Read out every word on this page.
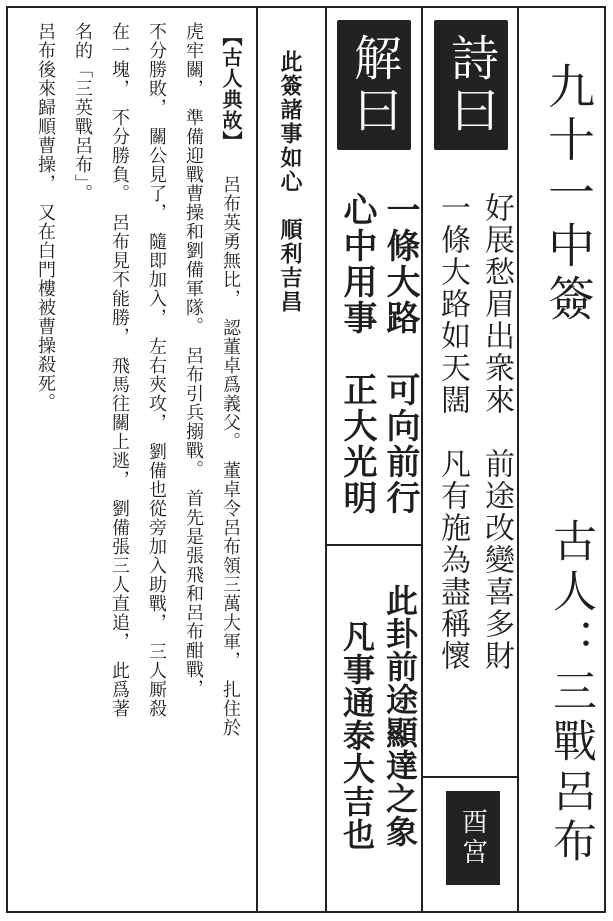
九十一中簽
古人：三戰呂布
詩曰
好展愁眉出衆來　前途改變喜多財
一條大路如天闊　凡有施為盡稱懷
酉宮
解曰
一條大路　可向前行
心中用事　正大光明
此卦前途顯達之象
凡事通泰大吉也
此簽諸事如心　順利吉昌
【古人典故】
呂布英勇無比，　認董卓爲義父。　董卓令呂布領三萬大軍，　扎住於
虎牢關，　準備迎戰曹操和劉備軍隊。　呂布引兵搦戰。　首先是張飛和呂布酣戰，
不分勝敗，　關公見了，　隨即加入，　左右夾攻，　劉備也從旁加入助戰，　三人厮殺
在一塊，　不分勝負。　呂布見不能勝，　飛馬往關上逃，　劉備張三人直追，　此爲著
名的「三英戰呂布」。
呂布後來歸順曹操，　又在白門樓被曹操殺死。
